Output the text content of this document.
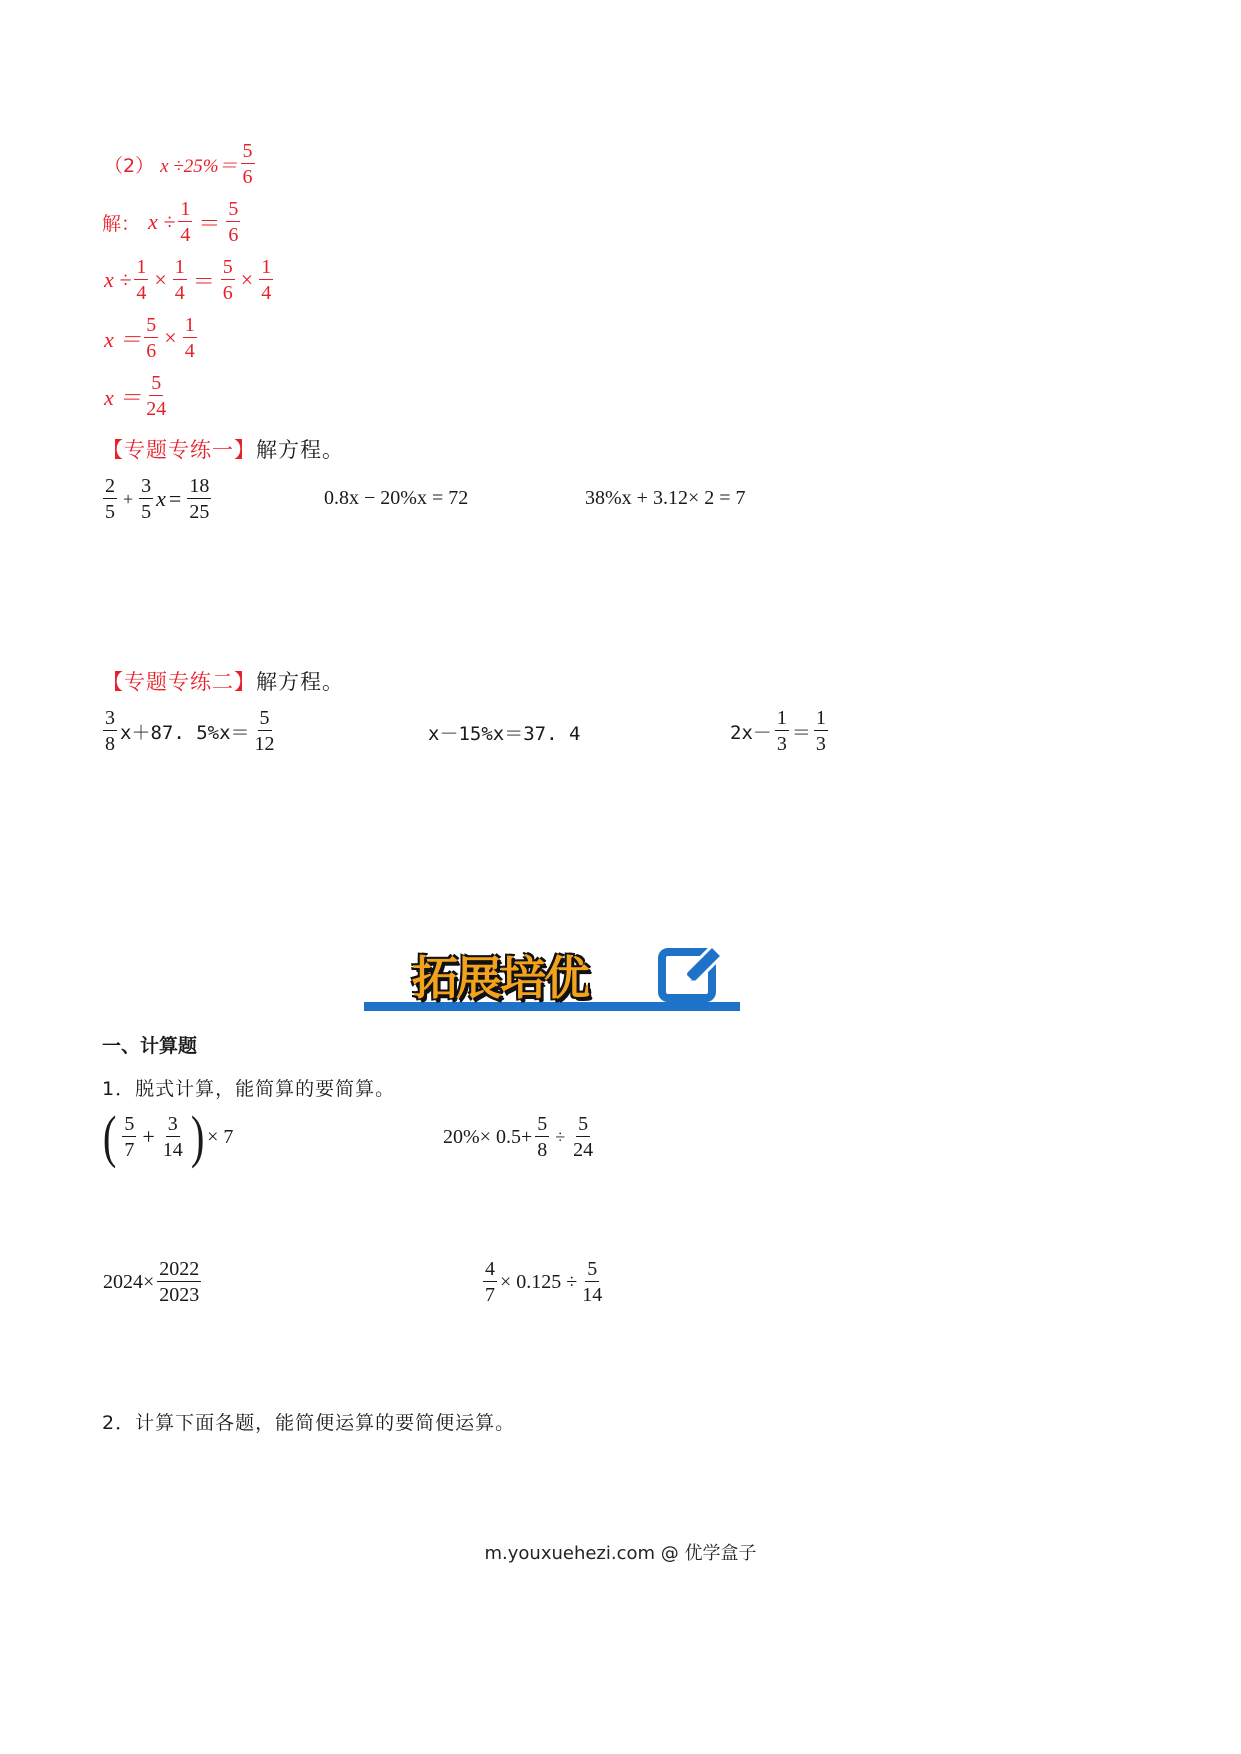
（2） $x \div 25\%= \frac{5}{6}$
解： $x \div \frac{1}{4} = \frac{5}{6}$
$x \div \frac{1}{4} \times \frac{1}{4} = \frac{5}{6} \times \frac{1}{4}$
$x = \frac{5}{6} \times \frac{1}{4}$
$x = \frac{5}{24}$
【专题专练一】 解方程。
$\frac{2}{5} + \frac{3}{5}$ $x = \frac{18}{25}$	0.8x − 20%x = 72	38%x + 3.12× 2 = 7
【专题专练二】 解方程。
$\frac{3}{8} x+87$. $5\%x= \frac{5}{12}$	x－15%x＝37. 4	$2x- \frac{1}{3} = \frac{1}{3}$
拓展培优
一、计算题
1．脱式计算，能简算的要简算。
( $\frac{5}{7} + \frac{3}{14}$ ) × 7	$20\%\times 0.5+ \frac{5}{8} \div \frac{5}{24}$
$2024\times \frac{2022}{2023}$	$\frac{4}{7} \times 0.125 \div \frac{5}{14}$
2．计算下面各题，能简便运算的要简便运算。
m.youxuehezi.com @ 优学盒子
